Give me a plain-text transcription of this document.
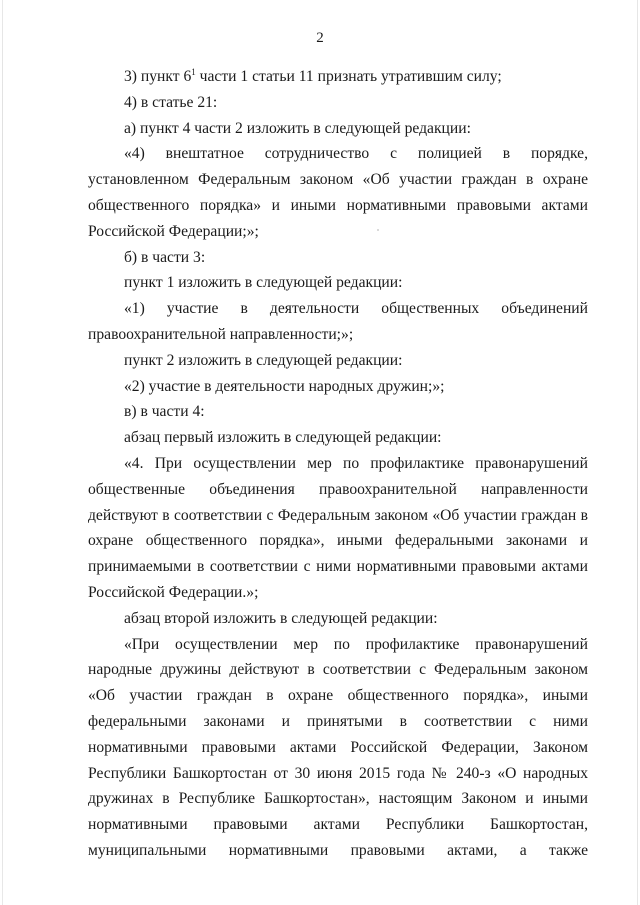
2

3) пункт $6^1$ части 1 статьи 11 признать утратившим силу;

4) в статье 21:

а) пункт 4 части 2 изложить в следующей редакции:

«4) внештатное сотрудничество с полицией в порядке, установленном Федеральным законом «Об участии граждан в охране общественного порядка» и иными нормативными правовыми актами Российской Федерации;»;

б) в части 3:

пункт 1 изложить в следующей редакции:

«1) участие в деятельности общественных объединений правоохранительной направленности;»;

пункт 2 изложить в следующей редакции:

«2) участие в деятельности народных дружин;»;

в) в части 4:

абзац первый изложить в следующей редакции:

«4. При осуществлении мер по профилактике правонарушений общественные объединения правоохранительной направленности действуют в соответствии с Федеральным законом «Об участии граждан в охране общественного порядка», иными федеральными законами и принимаемыми в соответствии с ними нормативными правовыми актами Российской Федерации.»;

абзац второй изложить в следующей редакции:

«При осуществлении мер по профилактике правонарушений народные дружины действуют в соответствии с Федеральным законом «Об участии граждан в охране общественного порядка», иными федеральными законами и принятыми в соответствии с ними нормативными правовыми актами Российской Федерации, Законом Республики Башкортостан от 30 июня 2015 года № 240-з «О народных дружинах в Республике Башкортостан», настоящим Законом и иными нормативными правовыми актами Республики Башкортостан, муниципальными нормативными правовыми актами, а также
